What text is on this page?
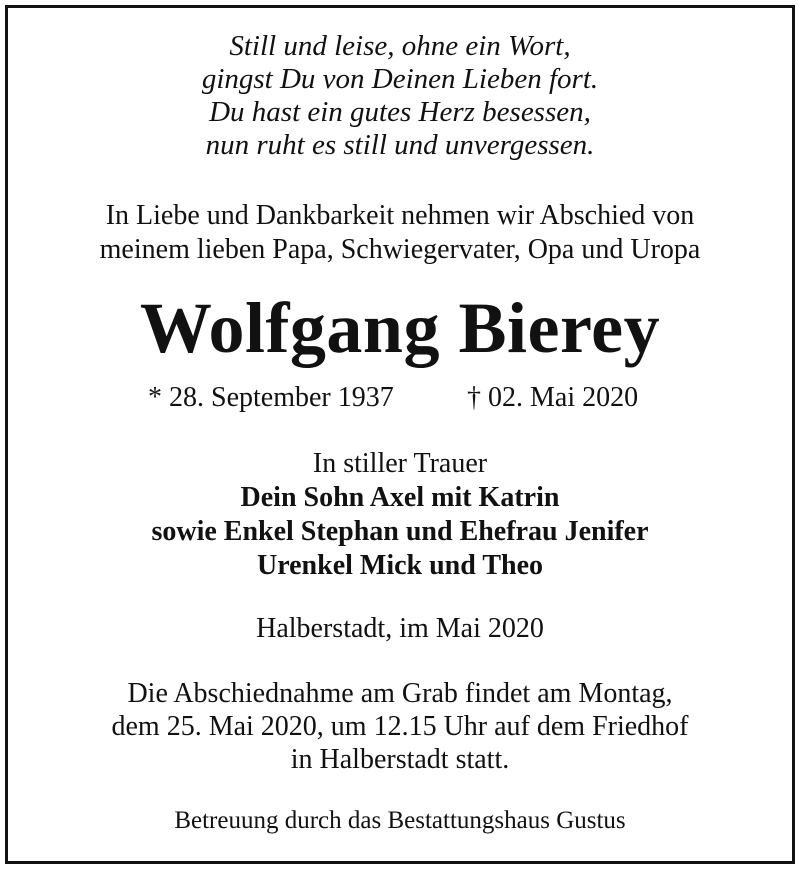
Still und leise, ohne ein Wort,
gingst Du von Deinen Lieben fort.
Du hast ein gutes Herz besessen,
nun ruht es still und unvergessen.
In Liebe und Dankbarkeit nehmen wir Abschied von
meinem lieben Papa, Schwiegervater, Opa und Uropa
Wolfgang Bierey
* 28. September 1937	† 02. Mai 2020
In stiller Trauer
Dein Sohn Axel mit Katrin
sowie Enkel Stephan und Ehefrau Jenifer
Urenkel Mick und Theo
Halberstadt, im Mai 2020
Die Abschiednahme am Grab findet am Montag,
dem 25. Mai 2020, um 12.15 Uhr auf dem Friedhof
in Halberstadt statt.
Betreuung durch das Bestattungshaus Gustus
